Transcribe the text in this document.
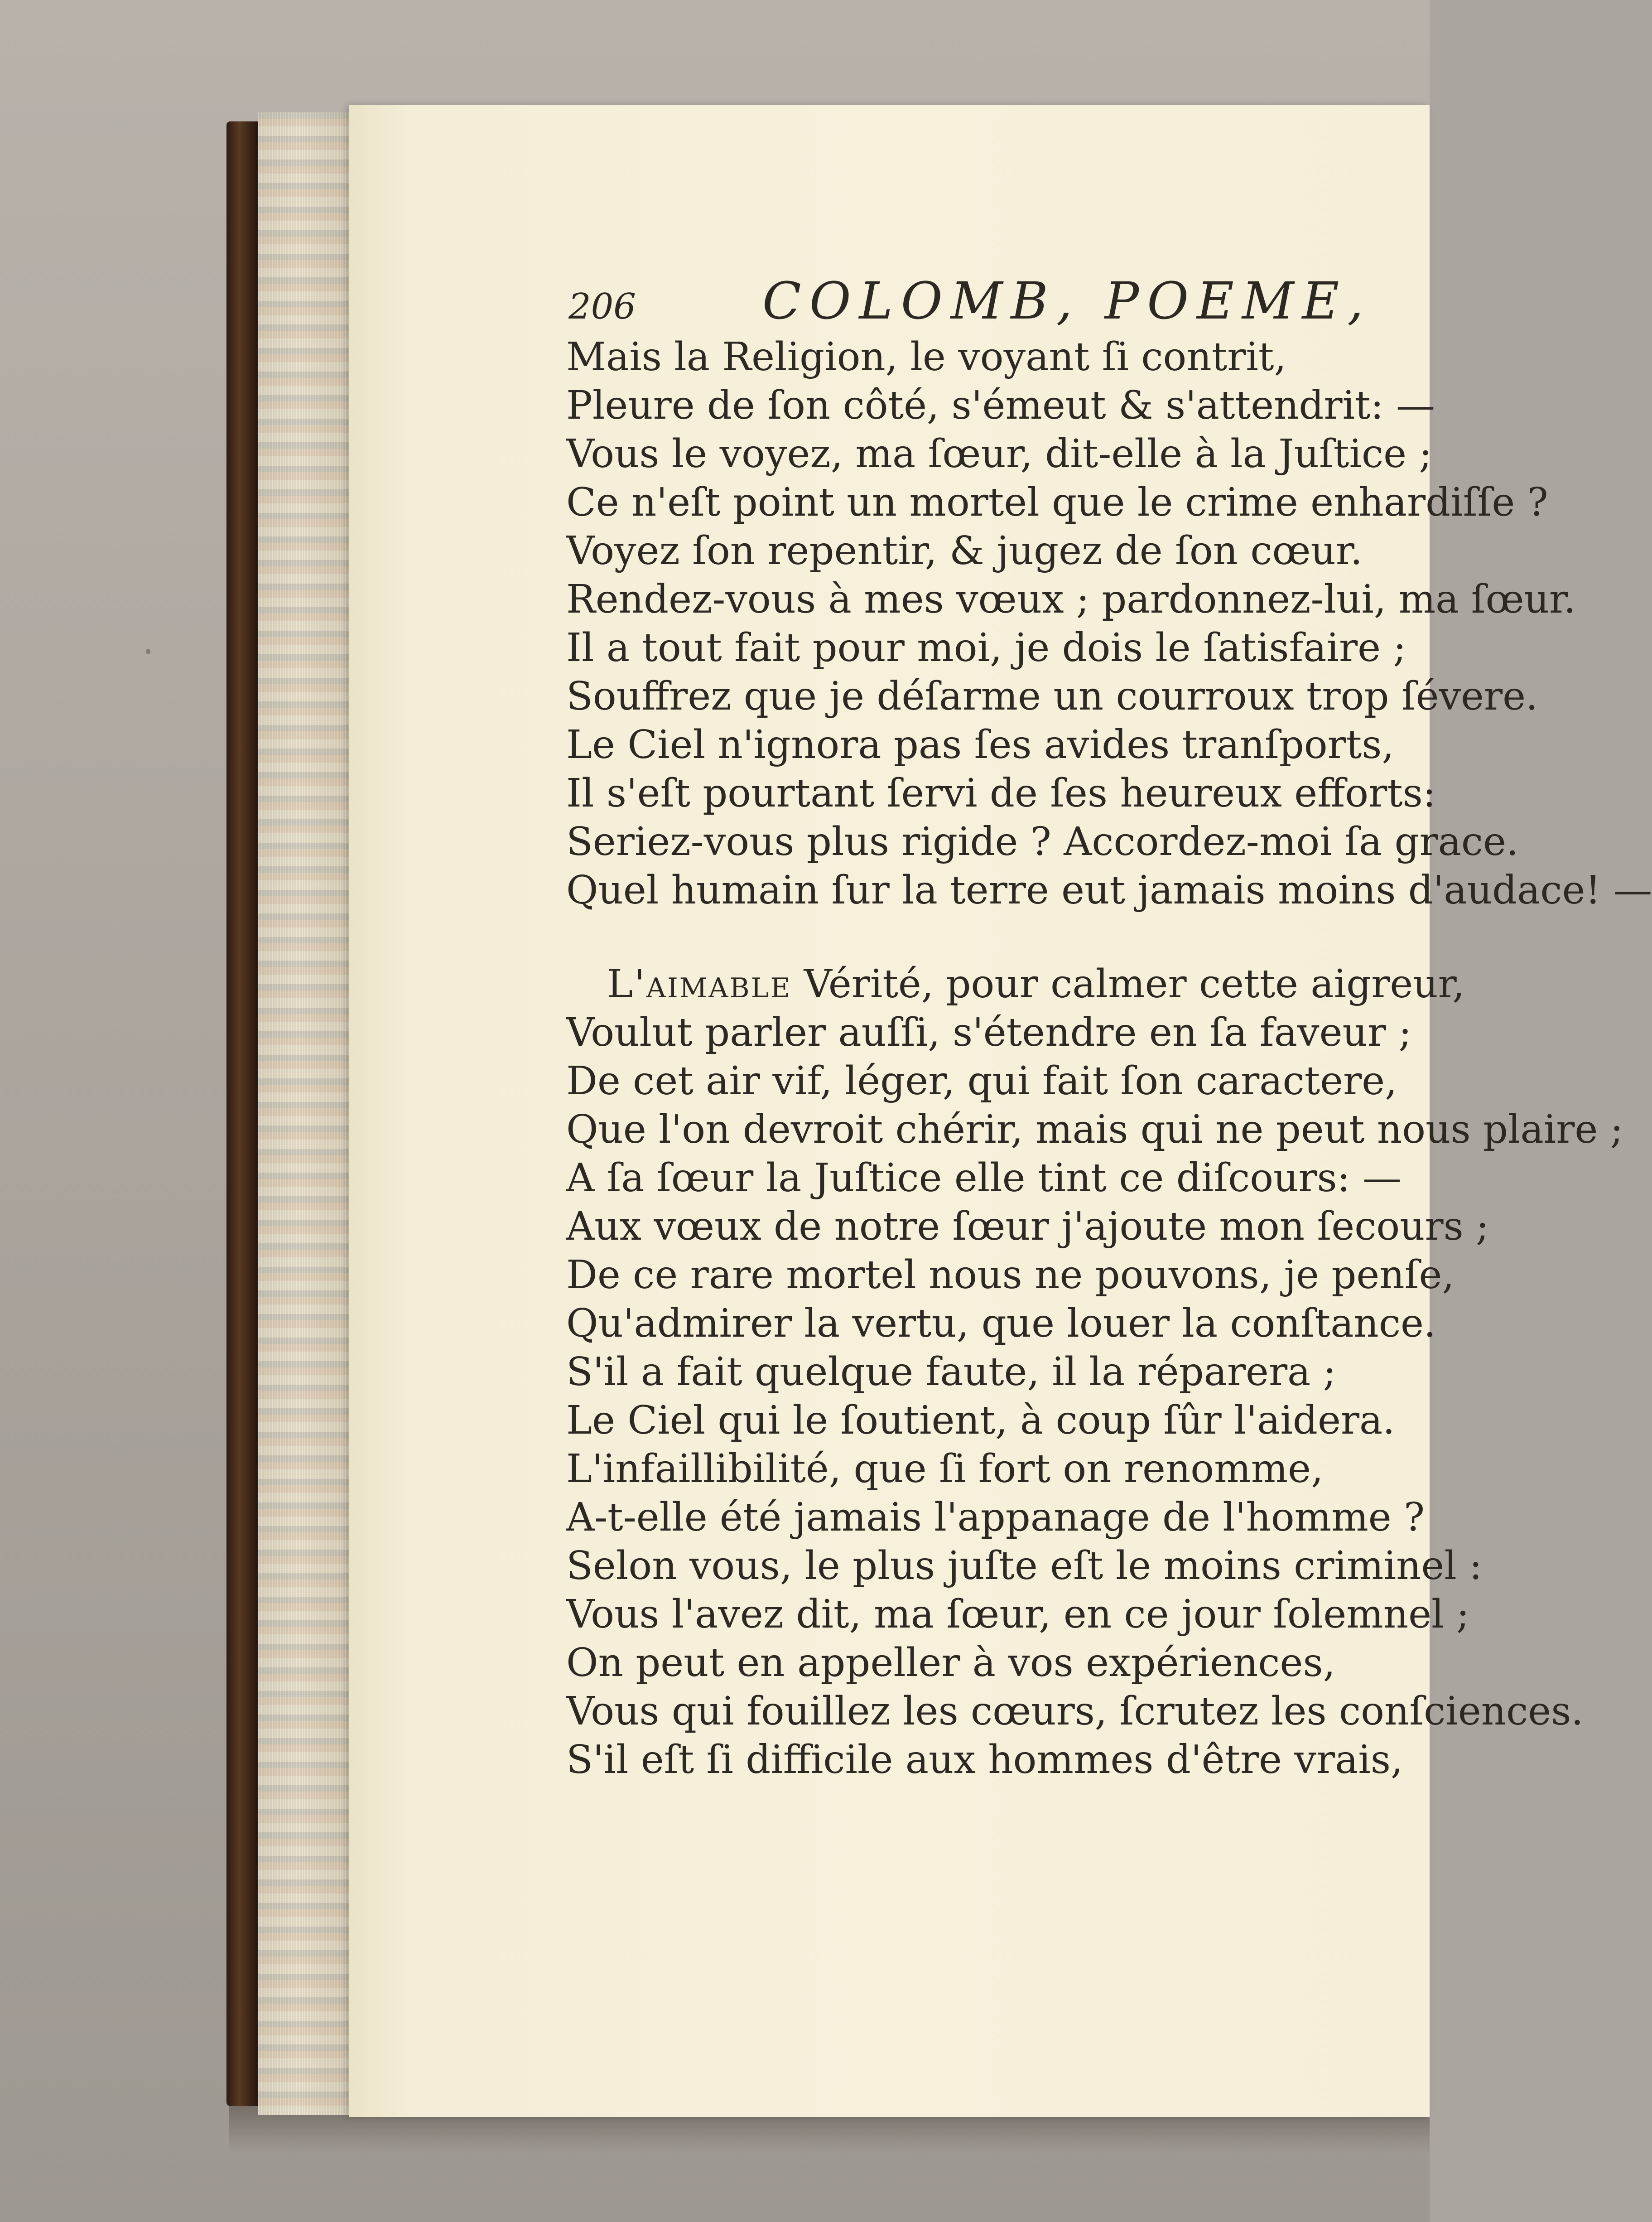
206 COLOMB, POEME,
Mais la Religion, le voyant ſi contrit,
Pleure de ſon côté, s'émeut & s'attendrit: —
Vous le voyez, ma ſœur, dit-elle à la Juſtice ;
Ce n'eſt point un mortel que le crime enhardiſſe ?
Voyez ſon repentir, & jugez de ſon cœur.
Rendez-vous à mes vœux ; pardonnez-lui, ma ſœur.
Il a tout fait pour moi, je dois le ſatisfaire ;
Souffrez que je déſarme un courroux trop ſévere.
Le Ciel n'ignora pas ſes avides tranſports,
Il s'eſt pourtant ſervi de ſes heureux efforts:
Seriez-vous plus rigide ? Accordez-moi ſa grace.
Quel humain ſur la terre eut jamais moins d'audace! —
L'aimable Vérité, pour calmer cette aigreur,
Voulut parler auſſi, s'étendre en ſa faveur ;
De cet air vif, léger, qui fait ſon caractere,
Que l'on devroit chérir, mais qui ne peut nous plaire ;
A ſa ſœur la Juſtice elle tint ce diſcours: —
Aux vœux de notre ſœur j'ajoute mon ſecours ;
De ce rare mortel nous ne pouvons, je penſe,
Qu'admirer la vertu, que louer la conſtance.
S'il a fait quelque faute, il la réparera ;
Le Ciel qui le ſoutient, à coup ſûr l'aidera.
L'infaillibilité, que ſi fort on renomme,
A-t-elle été jamais l'appanage de l'homme ?
Selon vous, le plus juſte eſt le moins criminel :
Vous l'avez dit, ma ſœur, en ce jour ſolemnel ;
On peut en appeller à vos expériences,
Vous qui fouillez les cœurs, ſcrutez les conſciences.
S'il eſt ſi difficile aux hommes d'être vrais,
